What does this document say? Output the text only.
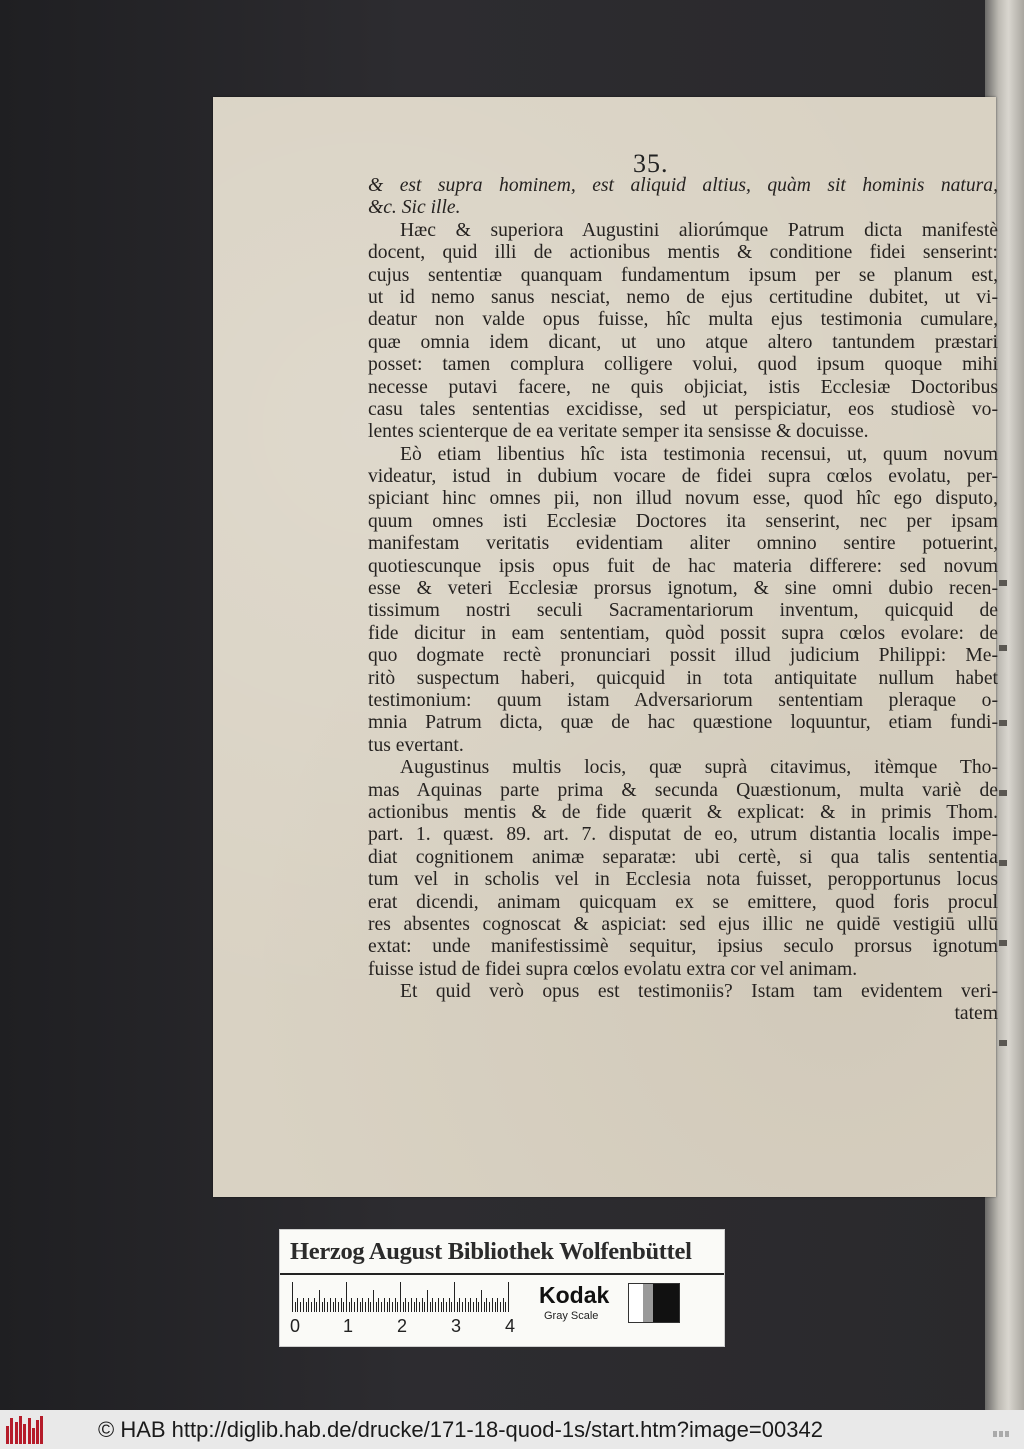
35.
& est supra hominem, est aliquid altius, quàm sit hominis natura,
&c. Sic ille.
Hæc & superiora Augustini aliorúmque Patrum dicta manifestè
docent, quid illi de actionibus mentis & conditione fidei senserint:
cujus sententiæ quanquam fundamentum ipsum per se planum est,
ut id nemo sanus nesciat, nemo de ejus certitudine dubitet, ut vi-
deatur non valde opus fuisse, hîc multa ejus testimonia cumulare,
quæ omnia idem dicant, ut uno atque altero tantundem præstari
posset: tamen complura colligere volui, quod ipsum quoque mihi
necesse putavi facere, ne quis objiciat, istis Ecclesiæ Doctoribus
casu tales sententias excidisse, sed ut perspiciatur, eos studiosè vo-
lentes scienterque de ea veritate semper ita sensisse & docuisse.
Eò etiam libentius hîc ista testimonia recensui, ut, quum novum
videatur, istud in dubium vocare de fidei supra cœlos evolatu, per-
spiciant hinc omnes pii, non illud novum esse, quod hîc ego disputo,
quum omnes isti Ecclesiæ Doctores ita senserint, nec per ipsam
manifestam veritatis evidentiam aliter omnino sentire potuerint,
quotiescunque ipsis opus fuit de hac materia differere: sed novum
esse & veteri Ecclesiæ prorsus ignotum, & sine omni dubio recen-
tissimum nostri seculi Sacramentariorum inventum, quicquid de
fide dicitur in eam sententiam, quòd possit supra cœlos evolare: de
quo dogmate rectè pronunciari possit illud judicium Philippi: Me-
ritò suspectum haberi, quicquid in tota antiquitate nullum habet
testimonium: quum istam Adversariorum sententiam pleraque o-
mnia Patrum dicta, quæ de hac quæstione loquuntur, etiam fundi-
tus evertant.
Augustinus multis locis, quæ suprà citavimus, itèmque Tho-
mas Aquinas parte prima & secunda Quæstionum, multa variè de
actionibus mentis & de fide quærit & explicat: & in primis Thom.
part. 1. quæst. 89. art. 7. disputat de eo, utrum distantia localis impe-
diat cognitionem animæ separatæ: ubi certè, si qua talis sententia
tum vel in scholis vel in Ecclesia nota fuisset, peropportunus locus
erat dicendi, animam quicquam ex se emittere, quod foris procul
res absentes cognoscat & aspiciat: sed ejus illic ne quidē vestigiū ullū
extat: unde manifestissimè sequitur, ipsius seculo prorsus ignotum
fuisse istud de fidei supra cœlos evolatu extra cor vel animam.
Et quid verò opus est testimoniis? Istam tam evidentem veri-
tatem
Herzog August Bibliothek Wolfenbüttel
0 1 2 3 4
Kodak
Gray Scale
© HAB http://diglib.hab.de/drucke/171-18-quod-1s/start.htm?image=00342
